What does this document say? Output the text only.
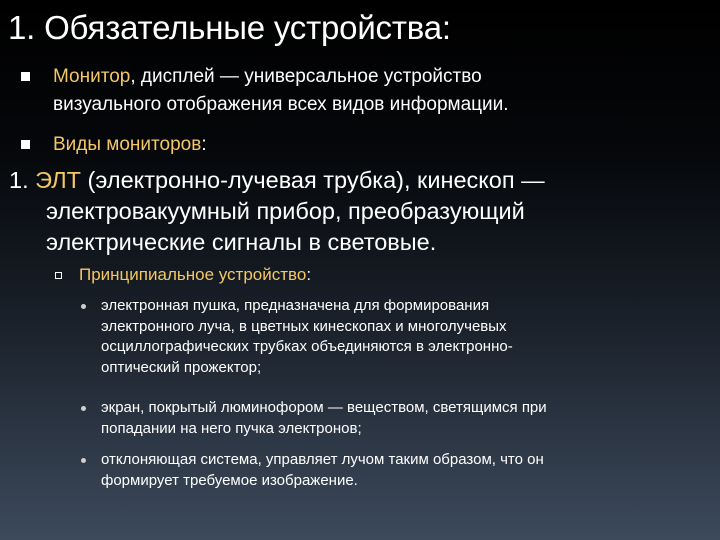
1. Обязательные устройства:
Монитор, дисплей — универсальное устройство
визуального отображения всех видов информации.
Виды мониторов:
1. ЭЛТ (электронно-лучевая трубка), кинескоп —
электровакуумный прибор, преобразующий
электрические сигналы в световые.
Принципиальное устройство:
электронная пушка, предназначена для формирования
электронного луча, в цветных кинескопах и многолучевых
осциллографических трубках объединяются в электронно-
оптический прожектор;
экран, покрытый люминофором — веществом, светящимся при
попадании на него пучка электронов;
отклоняющая система, управляет лучом таким образом, что он
формирует требуемое изображение.
